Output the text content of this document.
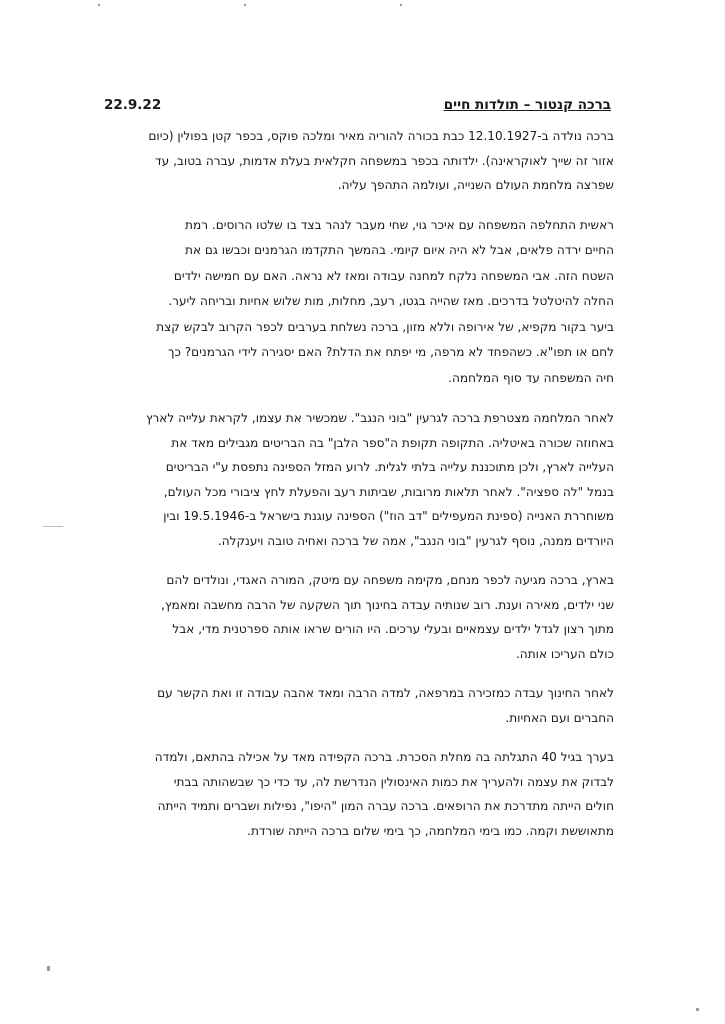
ברכה קנטור – תולדות חיים
22.9.22
ברכה נולדה ב-12.10.1927 כבת בכורה להוריה מאיר ומלכה פוקס, בכפר קטן בפולין (כיום
אזור זה שייך לאוקראינה). ילדותה בכפר במשפחה חקלאית בעלת אדמות, עברה בטוב, עד
שפרצה מלחמת העולם השנייה, ועולמה התהפך עליה.
ראשית התחלפה המשפחה עם איכר גוי, שחי מעבר לנהר בצד בו שלטו הרוסים. רמת
החיים ירדה פלאים, אבל לא היה איום קיומי. בהמשך התקדמו הגרמנים וכבשו גם את
השטח הזה. אבי המשפחה נלקח למחנה עבודה ומאז לא נראה. האם עם חמישה ילדים
החלה להיטלטל בדרכים. מאז שהייה בגטו, רעב, מחלות, מות שלוש אחיות ובריחה ליער.
ביער בקור מקפיא, של אירופה וללא מזון, ברכה נשלחת בערבים לכפר הקרוב לבקש קצת
לחם או תפו"א. כשהפחד לא מרפה, מי יפתח את הדלת? האם יסגירה לידי הגרמנים? כך
חיה המשפחה עד סוף המלחמה.
לאחר המלחמה מצטרפת ברכה לגרעין "בוני הנגב". שמכשיר את עצמו, לקראת עלייה לארץ
באחוזה שכורה באיטליה. התקופה תקופת ה"ספר הלבן" בה הבריטים מגבילים מאד את
העלייה לארץ, ולכן מתוכננת עלייה בלתי לגלית. לרוע המזל הספינה נתפסת ע"י הבריטים
בנמל "לה ספציה". לאחר תלאות מרובות, שביתות רעב והפעלת לחץ ציבורי מכל העולם,
משוחררת האנייה (ספינת המעפילים "דב הוז") הספינה עוגנת בישראל ב-19.5.1946 ובין
היורדים ממנה, נוסף לגרעין "בוני הנגב", אמה של ברכה ואחיה טובה ויענקלה.
בארץ, ברכה מגיעה לכפר מנחם, מקימה משפחה עם מיטק, המורה האגדי, ונולדים להם
שני ילדים, מאירה וענת. רוב שנותיה עבדה בחינוך תוך השקעה של הרבה מחשבה ומאמץ,
מתוך רצון לגדל ילדים עצמאיים ובעלי ערכים. היו הורים שראו אותה ספרטנית מדי, אבל
כולם העריכו אותה.
לאחר החינוך עבדה כמזכירה במרפאה, למדה הרבה ומאד אהבה עבודה זו ואת הקשר עם
החברים ועם האחיות.
בערך בגיל 40 התגלתה בה מחלת הסכרת. ברכה הקפידה מאד על אכילה בהתאם, ולמדה
לבדוק את עצמה ולהעריך את כמות האינסולין הנדרשת לה, עד כדי כך שבשהותה בבתי
חולים הייתה מתדרכת את הרופאים. ברכה עברה המון "היפו", נפילות ושברים ותמיד הייתה
מתאוששת וקמה. כמו בימי המלחמה, כך בימי שלום ברכה הייתה שורדת.
